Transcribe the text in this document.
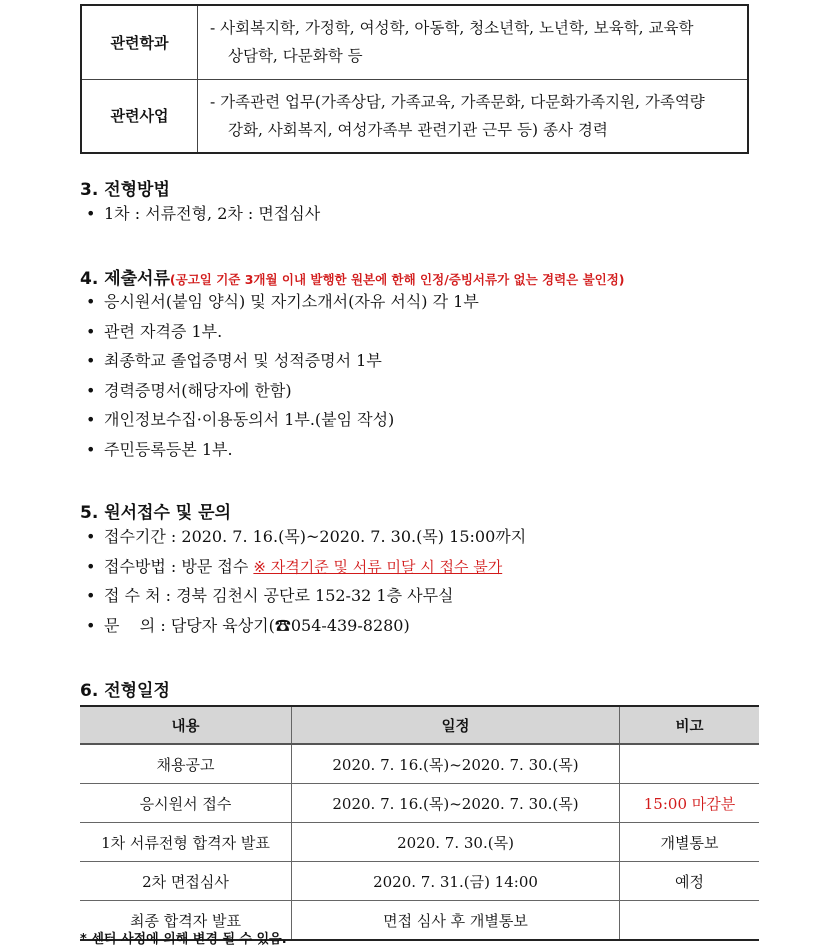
관련학과	- 사회복지학, 가정학, 여성학, 아동학, 청소년학, 노년학, 보육학, 교육학
상담학, 다문화학 등

관련사업	- 가족관련 업무(가족상담, 가족교육, 가족문화, 다문화가족지원, 가족역량
강화, 사회복지, 여성가족부 관련기관 근무 등) 종사 경력
3. 전형방법
• 1차 : 서류전형, 2차 : 면접심사
4. 제출서류(공고일 기준 3개월 이내 발행한 원본에 한해 인정/증빙서류가 없는 경력은 불인정)
• 응시원서(붙임 양식) 및 자기소개서(자유 서식) 각 1부
• 관련 자격증 1부.
• 최종학교 졸업증명서 및 성적증명서 1부
• 경력증명서(해당자에 한함)
• 개인정보수집·이용동의서 1부.(붙임 작성)
• 주민등록등본 1부.
5. 원서접수 및 문의
• 접수기간 : 2020. 7. 16.(목)~2020. 7. 30.(목) 15:00까지
• 접수방법 : 방문 접수 ※ 자격기준 및 서류 미달 시 접수 불가
• 접 수 처 : 경북 김천시 공단로 152-32 1층 사무실
• 문    의 : 담당자 육상기(☎054-439-8280)
6. 전형일정
내용	일정	비고
채용공고	2020. 7. 16.(목)~2020. 7. 30.(목)	
응시원서 접수	2020. 7. 16.(목)~2020. 7. 30.(목)	15:00 마감분
1차 서류전형 합격자 발표	2020. 7. 30.(목)	개별통보
2차 면접심사	2020. 7. 31.(금) 14:00	예정
최종 합격자 발표	면접 심사 후 개별통보	
* 센터 사정에 의해 변경 될 수 있음.
